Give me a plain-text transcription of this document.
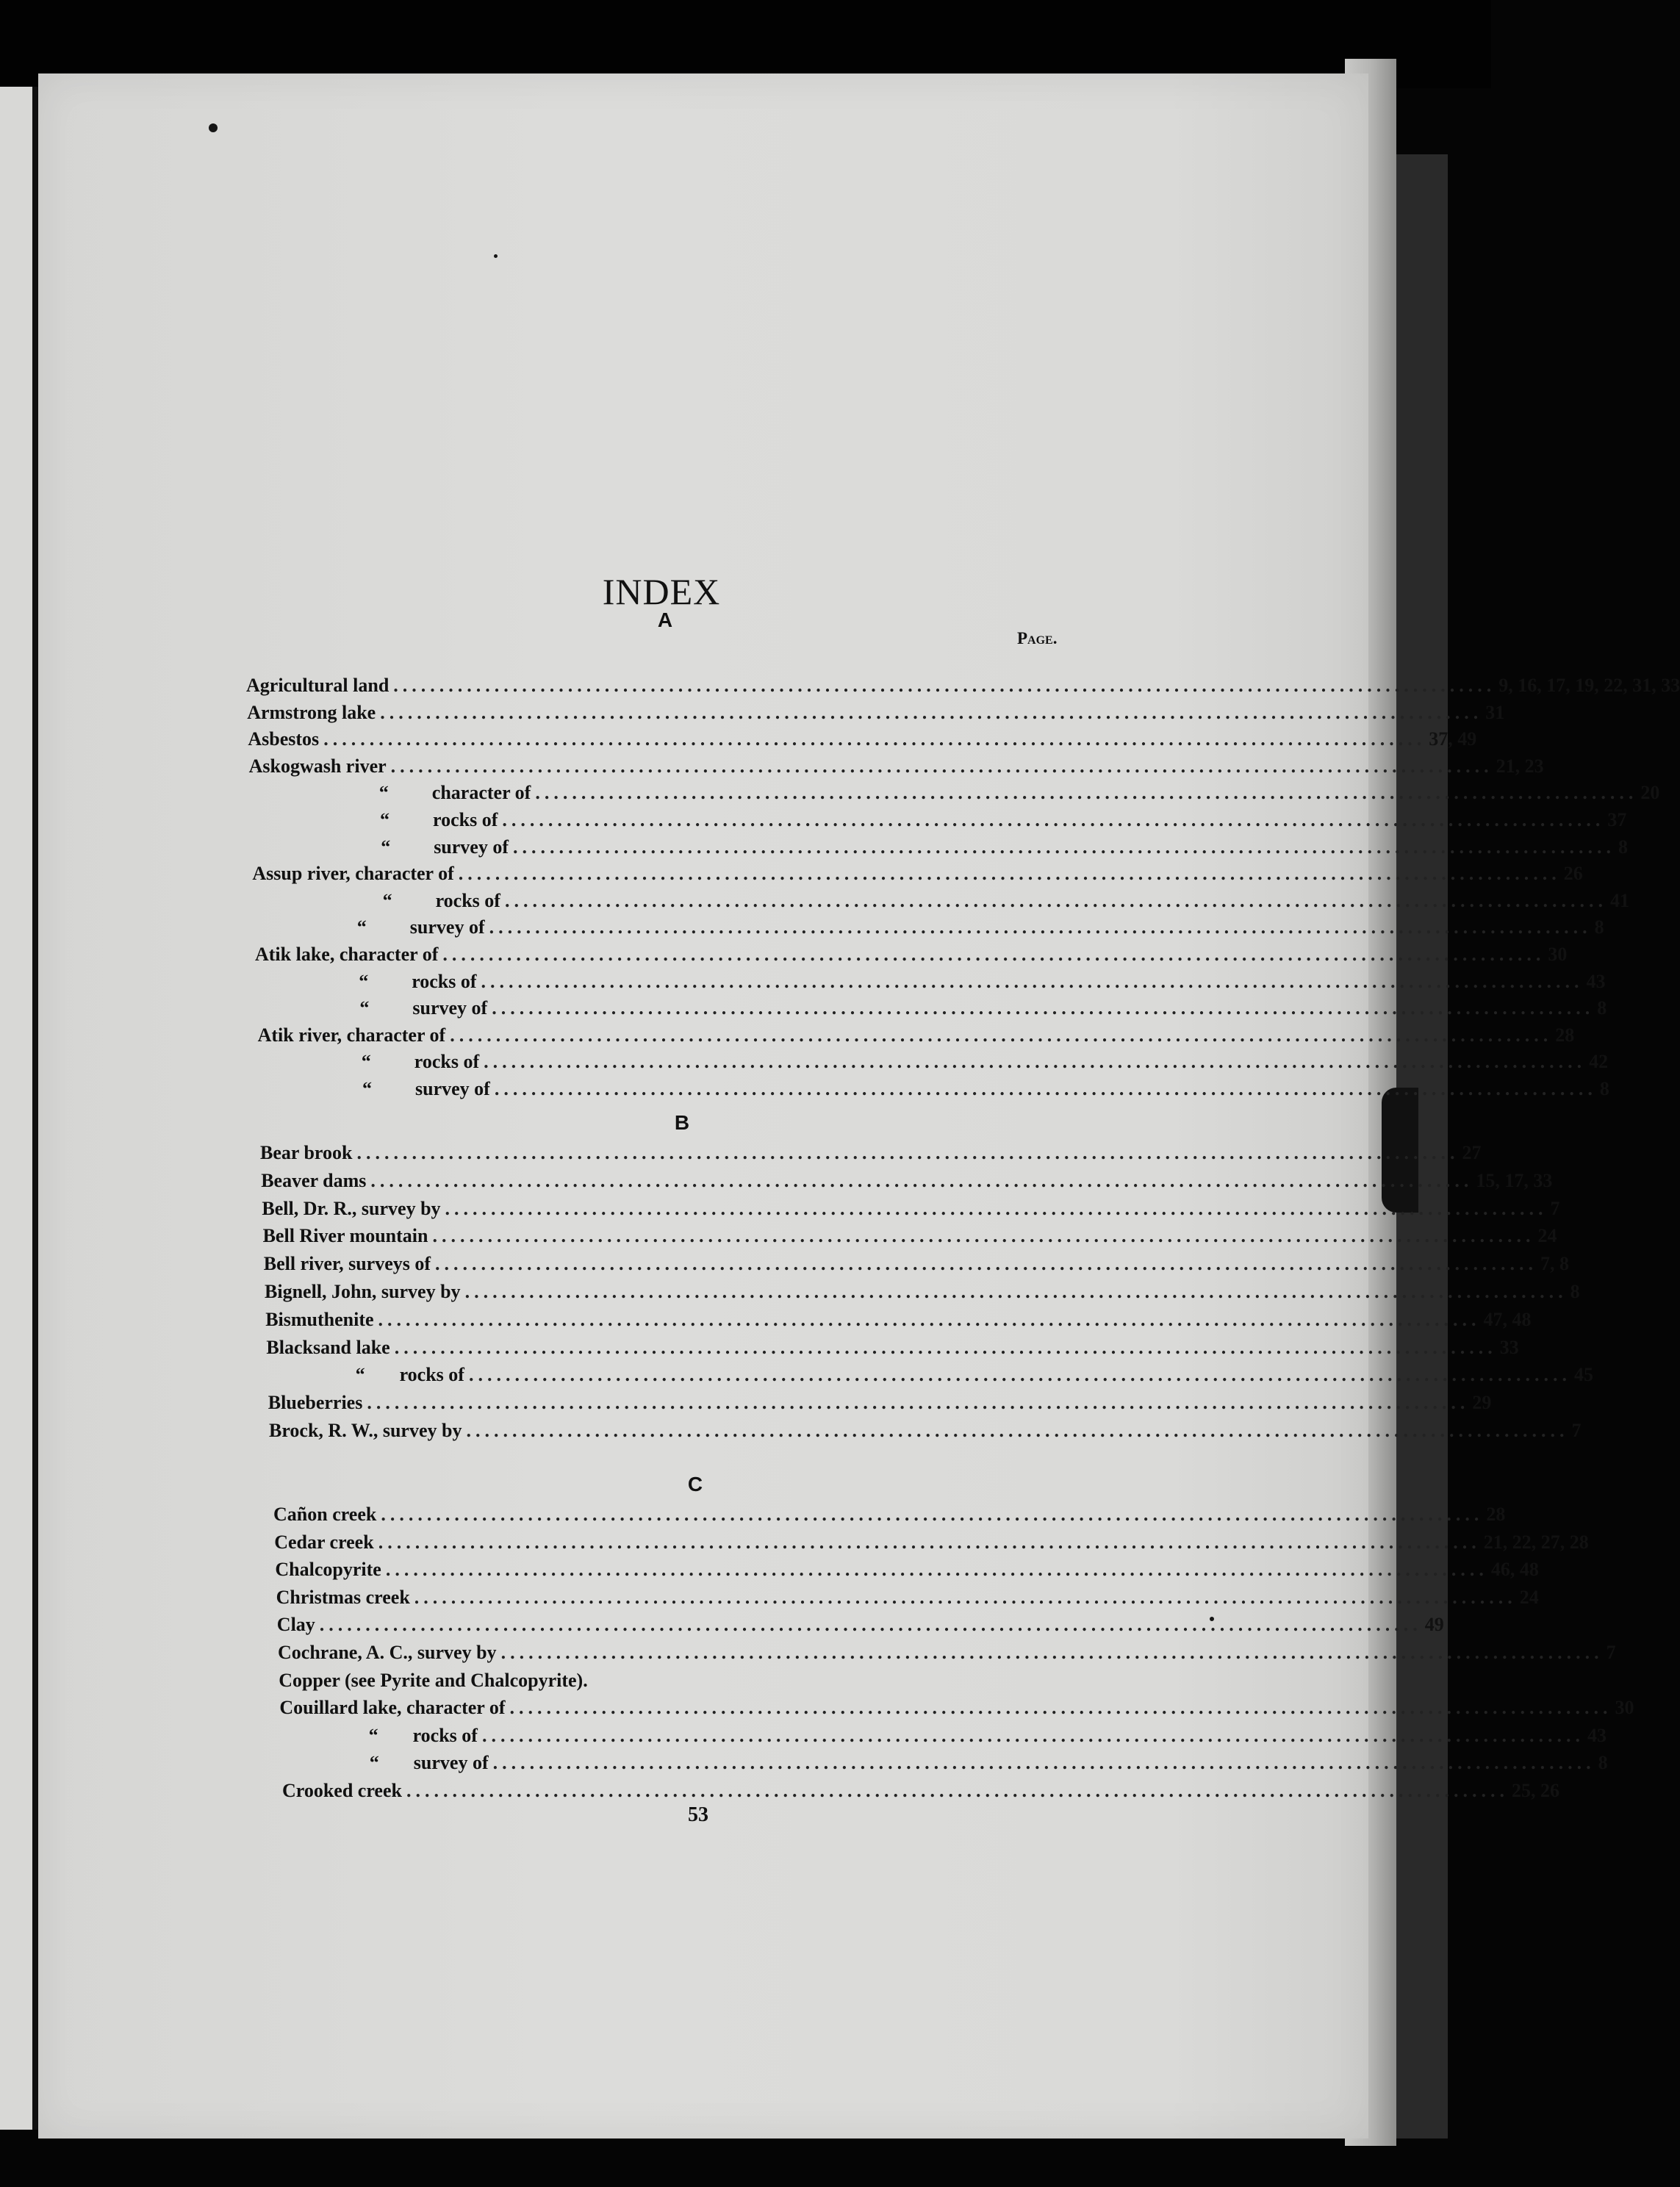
INDEX
Page.
A
Agricultural land ........................................................................................................................ 9, 16, 17, 19, 22, 31, 33
Armstrong lake ........................................................................................................................ 31
Asbestos ........................................................................................................................ 37, 49
Askogwash river ........................................................................................................................ 21, 23
“ character of ........................................................................................................................ 20
“ rocks of ........................................................................................................................ 37
“ survey of ........................................................................................................................ 8
Assup river, character of ........................................................................................................................ 26
“ rocks of ........................................................................................................................ 41
“ survey of ........................................................................................................................ 8
Atik lake, character of ........................................................................................................................ 30
“ rocks of ........................................................................................................................ 43
“ survey of ........................................................................................................................ 8
Atik river, character of ........................................................................................................................ 28
“ rocks of ........................................................................................................................ 42
“ survey of ........................................................................................................................ 8
B
Bear brook ........................................................................................................................ 27
Beaver dams ........................................................................................................................ 15, 17, 33
Bell, Dr. R., survey by ........................................................................................................................ 7
Bell River mountain ........................................................................................................................ 24
Bell river, surveys of ........................................................................................................................ 7, 8
Bignell, John, survey by ........................................................................................................................ 8
Bismuthenite ........................................................................................................................ 47, 48
Blacksand lake ........................................................................................................................ 33
“ rocks of ........................................................................................................................ 45
Blueberries ........................................................................................................................ 29
Brock, R. W., survey by ........................................................................................................................ 7
C
Cañon creek ........................................................................................................................ 28
Cedar creek ........................................................................................................................ 21, 22, 27, 28
Chalcopyrite ........................................................................................................................ 46, 48
Christmas creek ........................................................................................................................ 24
Clay ........................................................................................................................ 49
Cochrane, A. C., survey by ........................................................................................................................ 7
Copper (see Pyrite and Chalcopyrite).
Couillard lake, character of ........................................................................................................................ 30
“ rocks of ........................................................................................................................ 43
“ survey of ........................................................................................................................ 8
Crooked creek ........................................................................................................................ 25, 26
53
